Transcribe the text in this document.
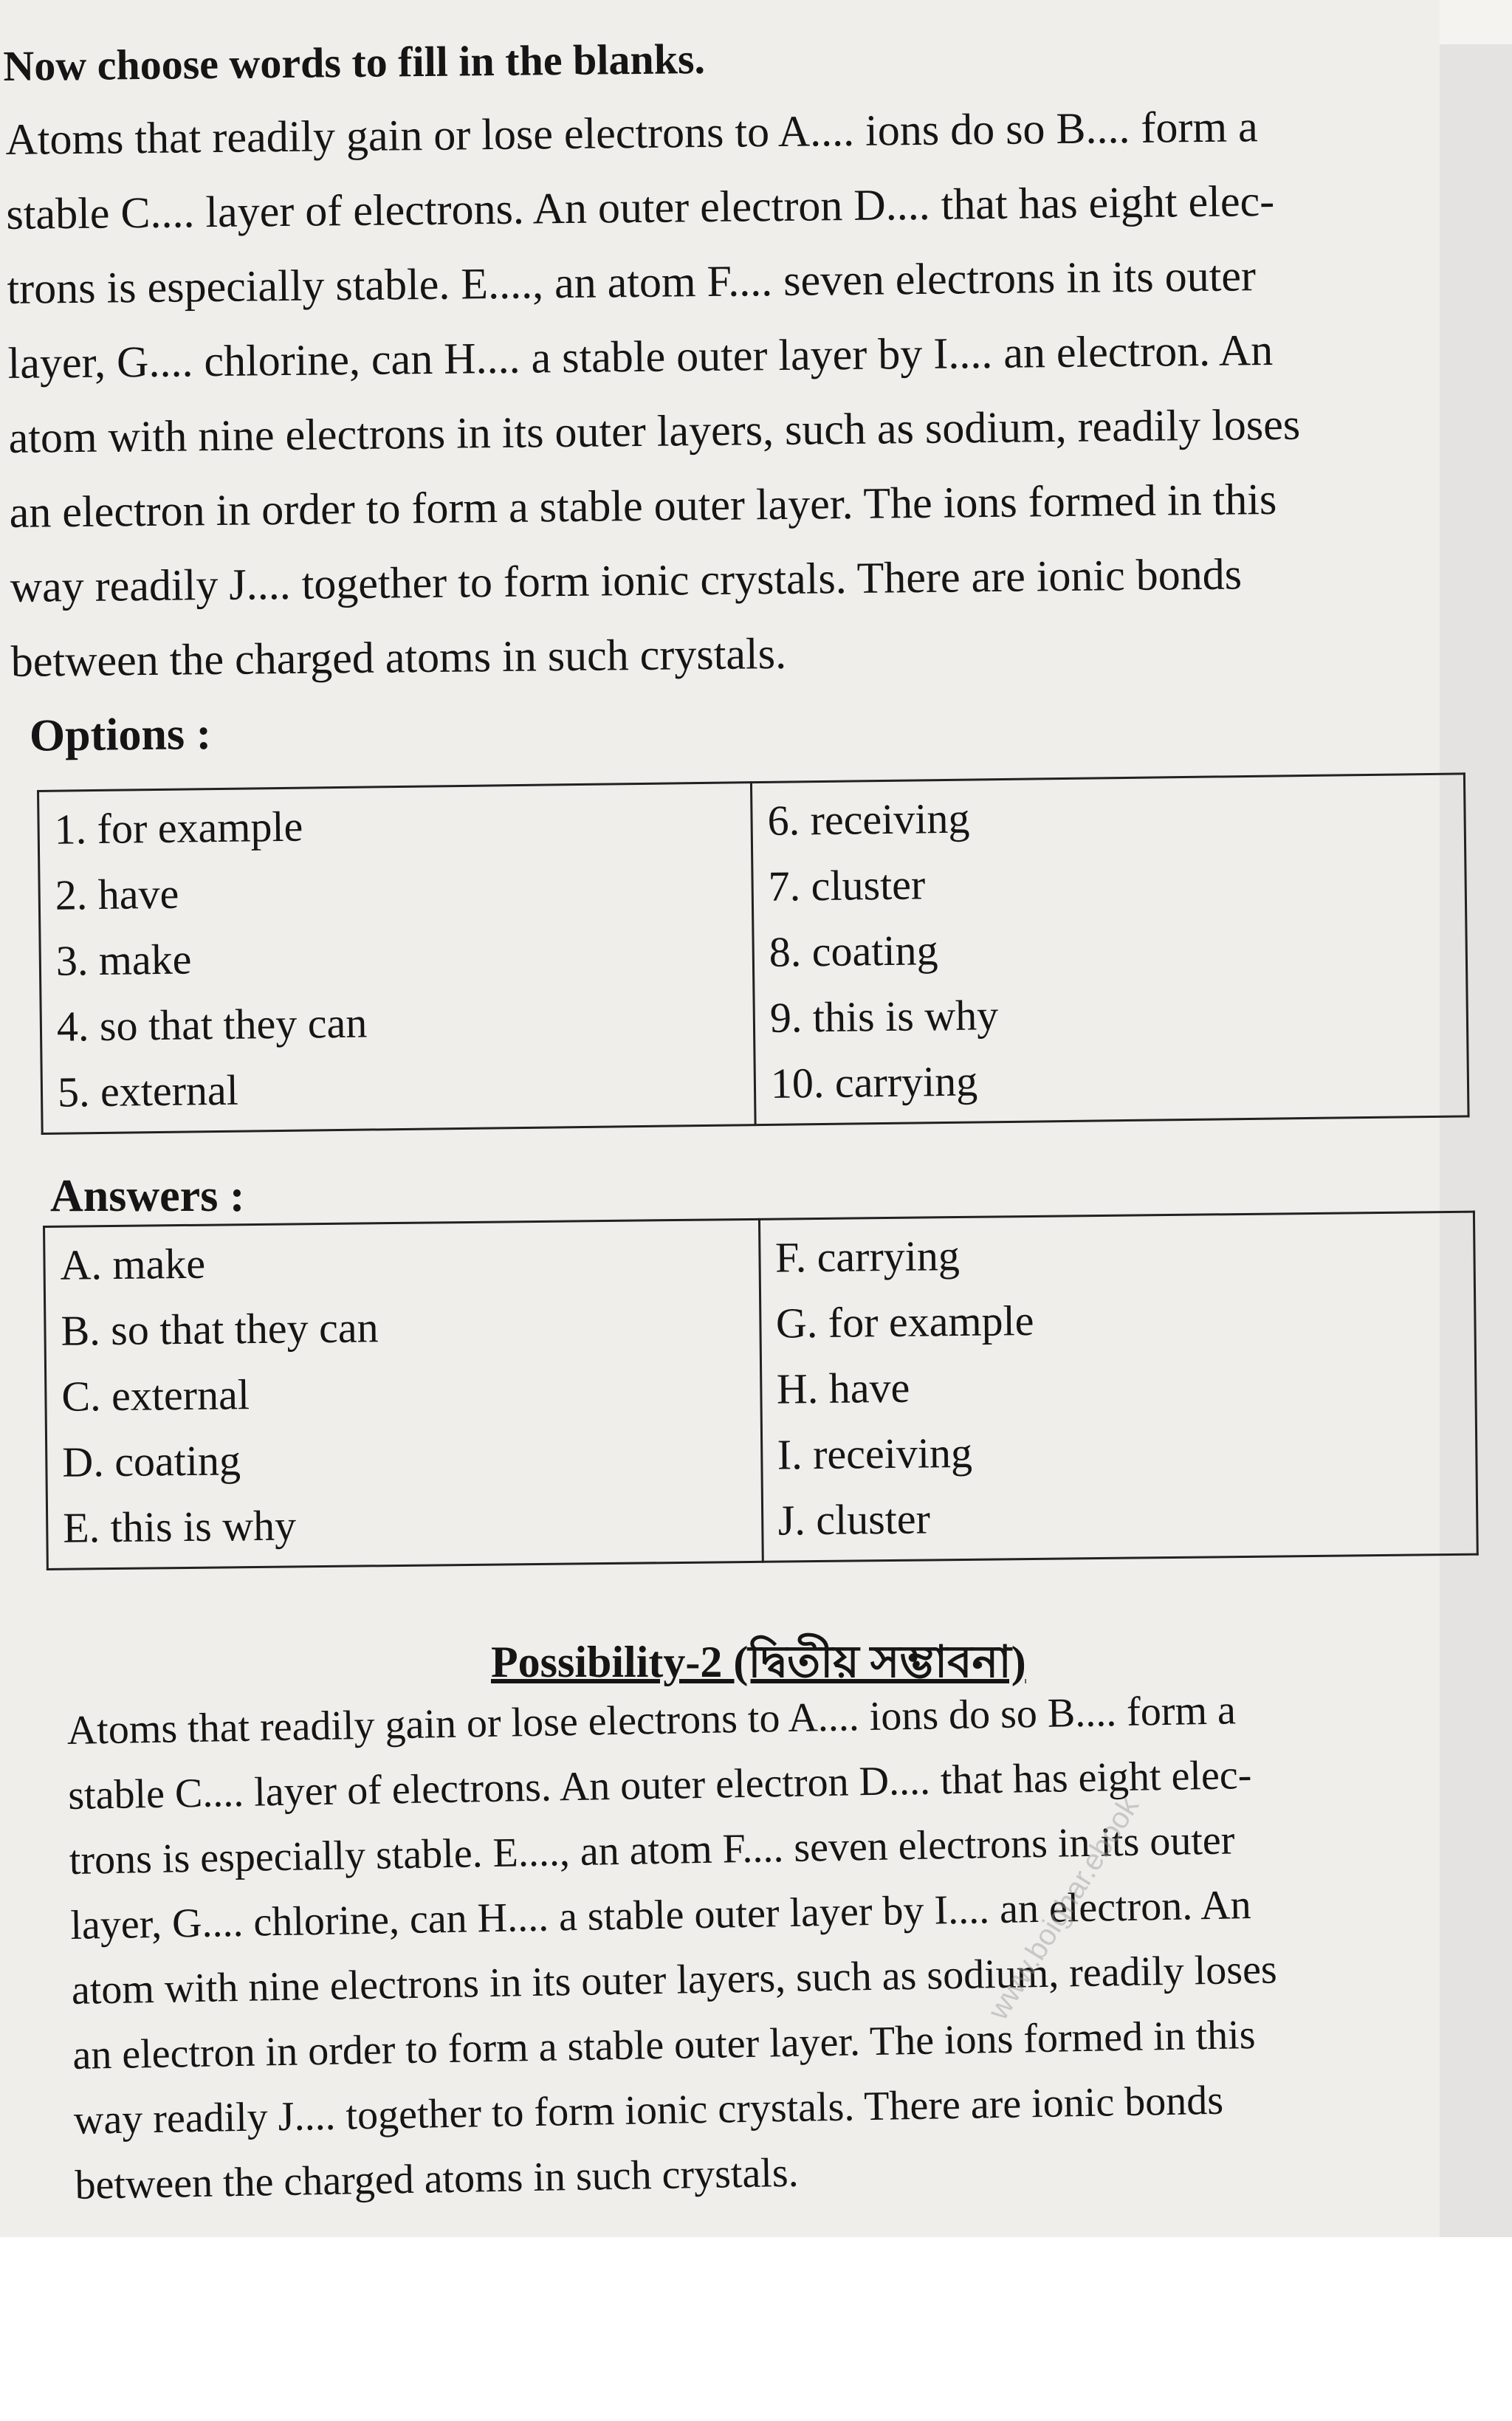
Now choose words to fill in the blanks.

Atoms that readily gain or lose electrons to A.... ions do so B.... form a

stable C.... layer of electrons. An outer electron D.... that has eight elec-

trons is especially stable. E...., an atom F.... seven electrons in its outer

layer, G.... chlorine, can H.... a stable outer layer by I.... an electron. An

atom with nine electrons in its outer layers, such as sodium, readily loses

an electron in order to form a stable outer layer. The ions formed in this

way readily J.... together to form ionic crystals. There are ionic bonds

between the charged atoms in such crystals.

Options :

1. for example
2. have
3. make
4. so that they can
5. external

6. receiving
7. cluster
8. coating
9. this is why
10. carrying

Answers :

A. make
B. so that they can
C. external
D. coating
E. this is why

F. carrying
G. for example
H. have
I. receiving
J. cluster
Possibility-2 (দ্বিতীয় সম্ভাবনা)

Atoms that readily gain or lose electrons to A.... ions do so B.... form a

stable C.... layer of electrons. An outer electron D.... that has eight elec-

trons is especially stable. E...., an atom F.... seven electrons in its outer

layer, G.... chlorine, can H.... a stable outer layer by I.... an electron. An

atom with nine electrons in its outer layers, such as sodium, readily loses

an electron in order to form a stable outer layer. The ions formed in this

way readily J.... together to form ionic crystals. There are ionic bonds

between the charged atoms in such crystals.

www.boighar.ebook
